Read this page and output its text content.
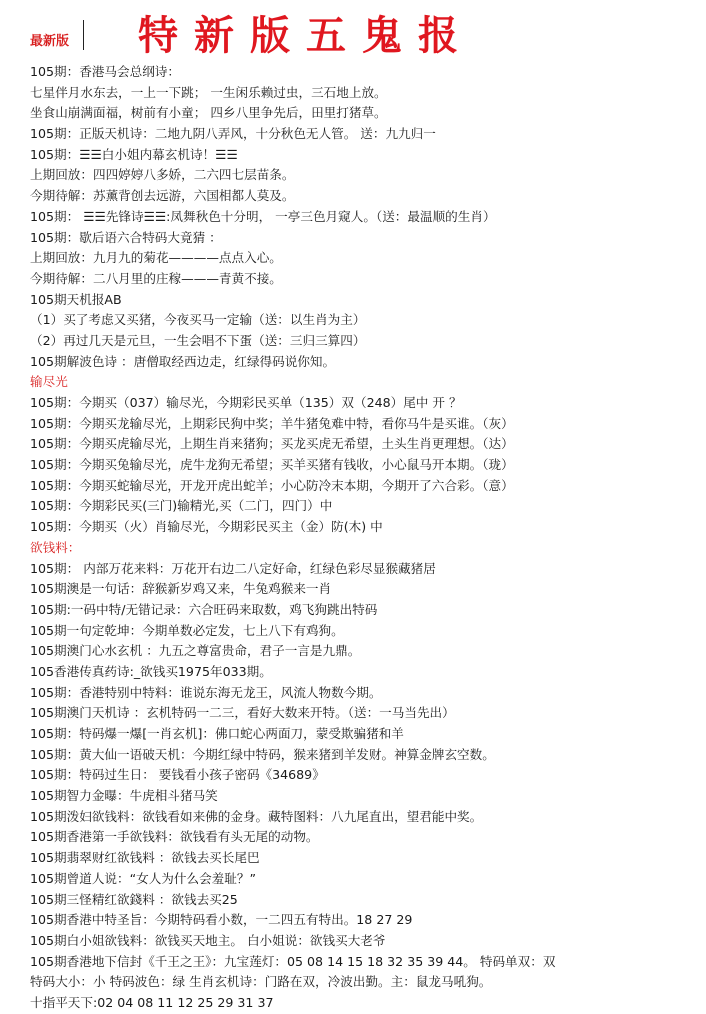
最新版 特新版五鬼报
105期：香港马会总纲诗：
七星伴月水东去，一上一下跳； 一生闲乐赖过虫，三石地上放。
坐食山崩满面福，树前有小童； 四乡八里争先后，田里打猪草。
105期：正版天机诗：二地九阴八弄风，十分秋色无人管。 送：九九归一
105期：☰☰白小姐内幕玄机诗！☰☰
上期回放：四四婷婷八多娇，二六四七层苗条。
今期待解：苏薰背创去远游，六国相都人莫及。
105期： ☰☰先锋诗☰☰:凤舞秋色十分明， 一亭三色月窥人。（送：最温顺的生肖）
105期：歇后语六合特码大竟猜 ：
上期回放：九月九的菊花————点点入心。
今期待解：二八月里的庄稼———青黄不接。
105期天机报AB
（1）买了考虑又买猪，今夜买马一定输（送：以生肖为主）
（2）再过几天是元旦，一生会唱不下蛋（送：三归三算四）
105期解波色诗 ：唐僧取经西边走，红绿得码说你知。
输尽光
105期：今期买（037）输尽光，今期彩民买单（135）双（248）尾中 开 ？
105期：今期买龙输尽光，上期彩民狗中奖；羊牛猪兔难中特，看你马牛是买谁。（灰）
105期：今期买虎输尽光，上期生肖来猪狗；买龙买虎无希望，土头生肖更理想。（达）
105期：今期买兔输尽光，虎牛龙狗无希望；买羊买猪有钱收，小心鼠马开本期。（珑）
105期：今期买蛇输尽光，开龙开虎出蛇羊；小心防冷末本期，今期开了六合彩。（意）
105期：今期彩民买(三门)输精光,买（二门，四门）中
105期：今期买（火）肖输尽光，今期彩民买主（金）防(木) 中
欲钱料：
105期： 内部万花来料：万花开右边二八定好命，红绿色彩尽显猴藏猪居
105期澳是一句话：辞猴新岁鸡又来，牛兔鸡猴来一肖
105期:一码中特/无错记录：六合旺码来取数，鸡飞狗跳出特码
105期一句定乾坤：今期单数必定发，七上八下有鸡狗。
105期澳门心水玄机 ：九五之尊富贵命，君子一言是九鼎。
105香港传真药诗:_欲钱买1975年033期。
105期：香港特别中特料：谁说东海无龙王，风流人物数今期。
105期澳门天机诗 ：玄机特码一二三，看好大数来开特。（送：一马当先出）
105期：特码爆一爆[一肖玄机]：佛口蛇心两面刀，蒙受欺骗猪和羊
105期：黄大仙一语破天机：今期红绿中特码，猴来猪到羊发财。神算金牌玄空数。
105期：特码过生日： 要钱看小孩子密码《34689》
105期智力金曝：牛虎相斗猪马笑
105期泼妇欲钱料：欲钱看如来佛的金身。藏特图料：八九尾直出，望君能中奖。
105期香港第一手欲钱料：欲钱看有头无尾的动物。
105期翡翠财红欲钱料 ：欲钱去买长尾巴
105期曾道人说：“女人为什么会羞耻？”
105期三怪精红欲錢料 ：欲钱去买25
105期香港中特圣旨：今期特码看小数，一二四五有特出。18 27 29
105期白小姐欲钱料：欲钱买天地主。 白小姐说：欲钱买大老爷
105期香港地下信封《千王之王》：九宝莲灯：05 08 14 15 18 32 35 39 44。 特码单双：双
特码大小：小 特码波色：绿 生肖玄机诗：门路在双，冷波出勤。主：鼠龙马吼狗。
十指平天下:02 04 08 11 12 25 29 31 37
